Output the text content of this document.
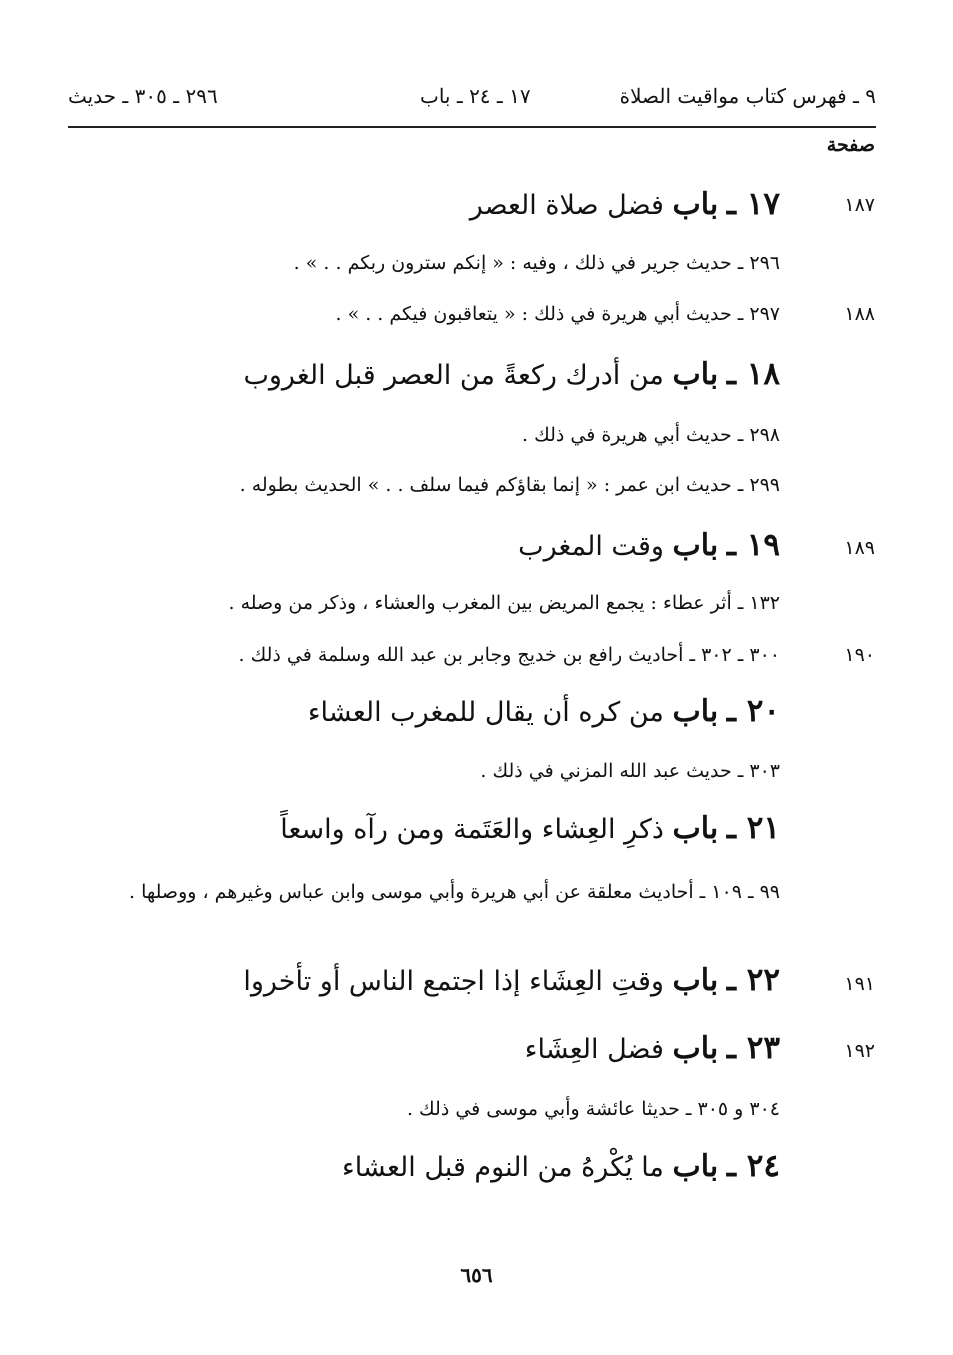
٩ ـ فهرس كتاب مواقيت الصلاة
١٧ ـ ٢٤ ـ باب
٢٩٦ ـ ٣٠٥ ـ حديث
صفحة
١٨٧
١٧ ـ باب فضل صلاة العصر
٢٩٦ ـ حديث جرير في ذلك ، وفيه : « إنكم سترون ربكم . . » .
١٨٨
٢٩٧ ـ حديث أبي هريرة في ذلك : « يتعاقبون فيكم . . » .
١٨ ـ باب من أدرك ركعةً من العصر قبل الغروب
٢٩٨ ـ حديث أبي هريرة في ذلك .
٢٩٩ ـ حديث ابن عمر : « إنما بقاؤكم فيما سلف . . » الحديث بطوله .
١٨٩
١٩ ـ باب وقت المغرب
١٣٢ ـ أثر عطاء : يجمع المريض بين المغرب والعشاء ، وذكر من وصله .
١٩٠
٣٠٠ ـ ٣٠٢ ـ أحاديث رافع بن خديج وجابر بن عبد الله وسلمة في ذلك .
٢٠ ـ باب من كره أن يقال للمغرب العشاء
٣٠٣ ـ حديث عبد الله المزني في ذلك .
٢١ ـ باب ذكرِ العِشاء والعَتَمة ومن رآه واسعاً
٩٩ ـ ١٠٩ ـ أحاديث معلقة عن أبي هريرة وأبي موسى وابن عباس وغيرهم ، ووصلها .
١٩١
٢٢ ـ باب وقتِ العِشَاء إذا اجتمع الناس أو تأخروا
١٩٢
٢٣ ـ باب فضل العِشَاء
٣٠٤ و ٣٠٥ ـ حديثا عائشة وأبي موسى في ذلك .
٢٤ ـ باب ما يُكْرهُ من النوم قبل العشاء
٦٥٦
